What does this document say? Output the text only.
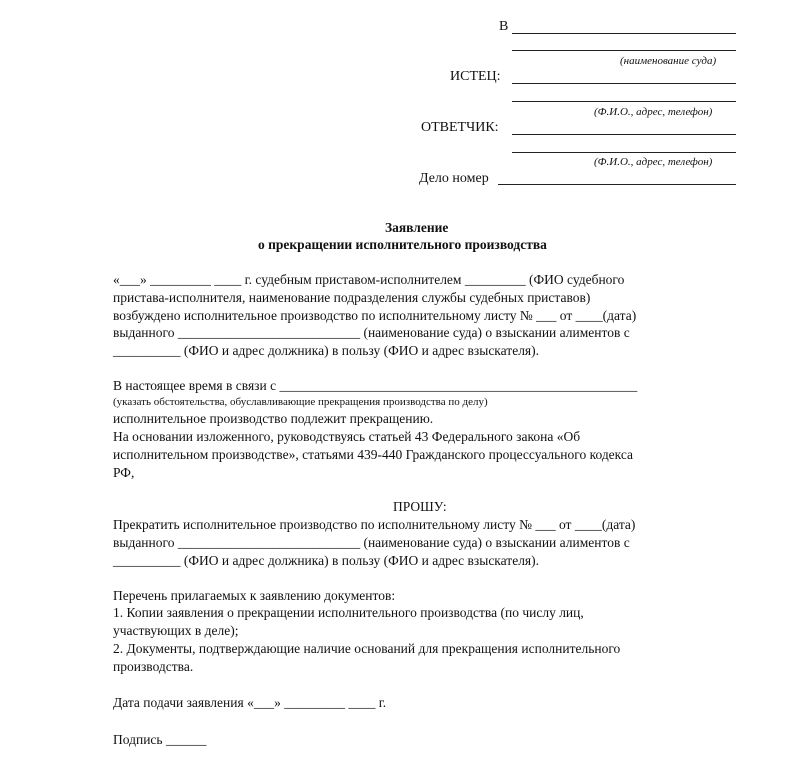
В
(наименование суда)
ИСТЕЦ:
(Ф.И.О., адрес, телефон)
ОТВЕТЧИК:
(Ф.И.О., адрес, телефон)
Дело номер
Заявление
о прекращении исполнительного производства
«___» _________ ____ г. судебным приставом-исполнителем _________ (ФИО судебного
пристава-исполнителя, наименование подразделения службы судебных приставов)
возбуждено исполнительное производство по исполнительному листу № ___ от ____(дата)
выданного ___________________________ (наименование суда) о взыскании алиментов с
__________ (ФИО и адрес должника) в пользу (ФИО и адрес взыскателя).
В настоящее время в связи с _____________________________________________________
(указать обстоятельства, обуславливающие прекращения производства по делу)
исполнительное производство подлежит прекращению.
На основании изложенного, руководствуясь статьей 43 Федерального закона «Об
исполнительном производстве», статьями 439-440 Гражданского процессуального кодекса
РФ,
ПРОШУ:
Прекратить исполнительное производство по исполнительному листу № ___ от ____(дата)
выданного ___________________________ (наименование суда) о взыскании алиментов с
__________ (ФИО и адрес должника) в пользу (ФИО и адрес взыскателя).
Перечень прилагаемых к заявлению документов:
1. Копии заявления о прекращении исполнительного производства (по числу лиц,
участвующих в деле);
2. Документы, подтверждающие наличие оснований для прекращения исполнительного
производства.
Дата подачи заявления «___» _________ ____ г.
Подпись ______
